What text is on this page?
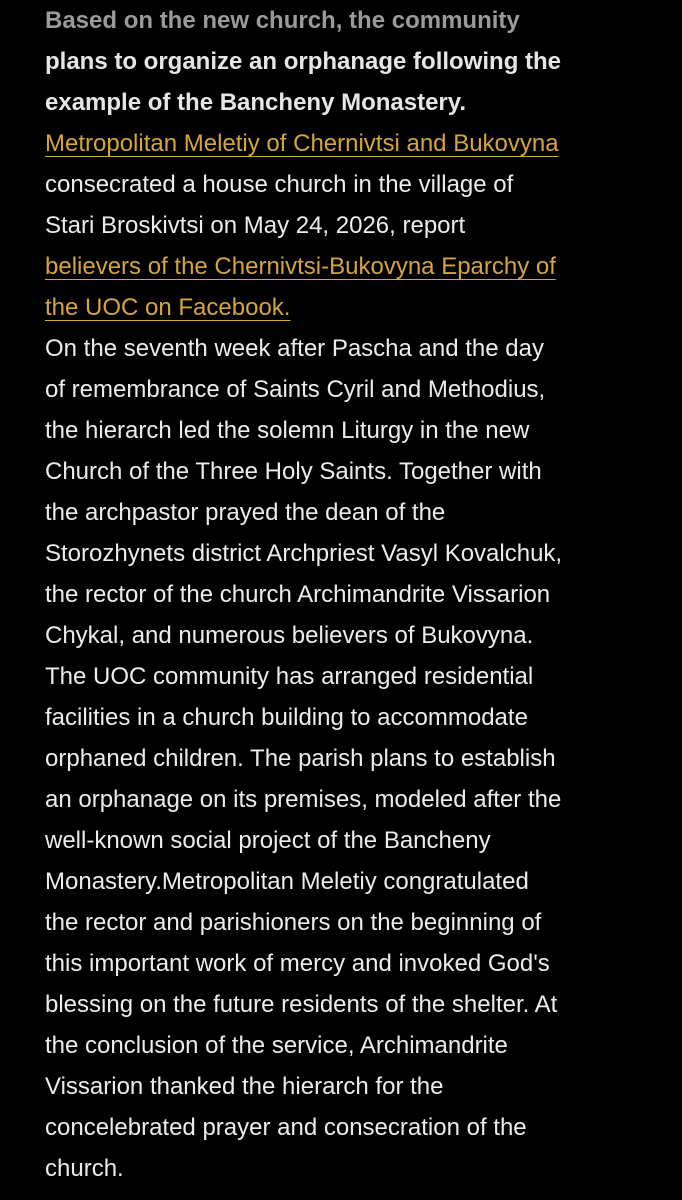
Based on the new church, the community
plans to organize an orphanage following the
example of the Bancheny Monastery.
Metropolitan Meletiy of Chernivtsi and Bukovyna
consecrated a house church in the village of
Stari Broskivtsi on May 24, 2026, report
believers of the Chernivtsi-Bukovyna Eparchy of
the UOC on Facebook.
On the seventh week after Pascha and the day
of remembrance of Saints Cyril and Methodius,
the hierarch led the solemn Liturgy in the new
Church of the Three Holy Saints. Together with
the archpastor prayed the dean of the
Storozhynets district Archpriest Vasyl Kovalchuk,
the rector of the church Archimandrite Vissarion
Chykal, and numerous believers of Bukovyna.
The UOC community has arranged residential
facilities in a church building to accommodate
orphaned children. The parish plans to establish
an orphanage on its premises, modeled after the
well-known social project of the Bancheny
Monastery.Metropolitan Meletiy congratulated
the rector and parishioners on the beginning of
this important work of mercy and invoked God's
blessing on the future residents of the shelter. At
the conclusion of the service, Archimandrite
Vissarion thanked the hierarch for the
concelebrated prayer and consecration of the
church.
